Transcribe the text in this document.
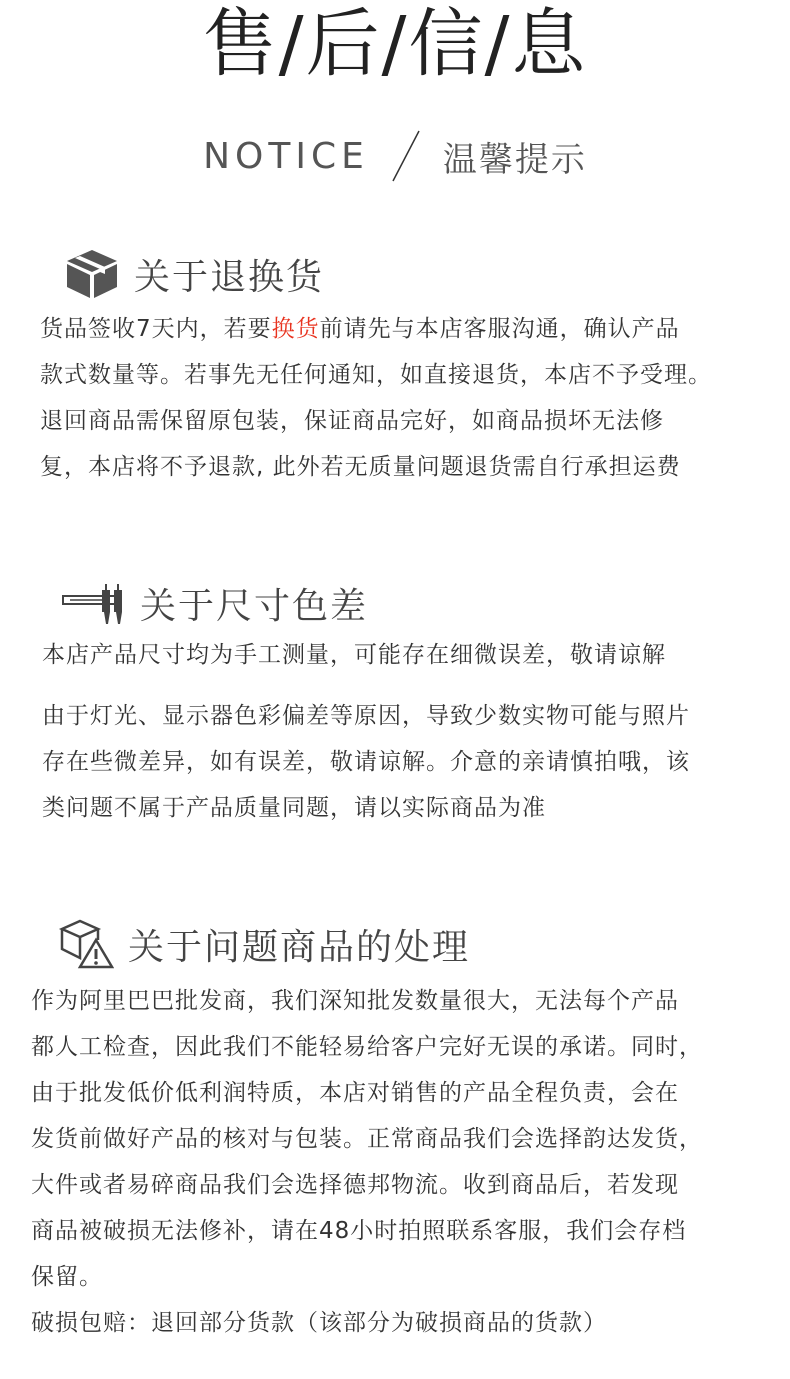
售/后/信/息
NOTICE 温馨提示
关于退换货
货品签收7天内，若要换货前请先与本店客服沟通，确认产品
款式数量等。若事先无任何通知，如直接退货，本店不予受理。
退回商品需保留原包装，保证商品完好，如商品损坏无法修
复，本店将不予退款, 此外若无质量问题退货需自行承担运费
关于尺寸色差
本店产品尺寸均为手工测量，可能存在细微误差，敬请谅解
由于灯光、显示器色彩偏差等原因，导致少数实物可能与照片
存在些微差异，如有误差，敬请谅解。介意的亲请慎拍哦，该
类问题不属于产品质量同题，请以实际商品为准
关于问题商品的处理
作为阿里巴巴批发商，我们深知批发数量很大，无法每个产品
都人工检查，因此我们不能轻易给客户完好无误的承诺。同时，
由于批发低价低利润特质，本店对销售的产品全程负责，会在
发货前做好产品的核对与包装。正常商品我们会选择韵达发货，
大件或者易碎商品我们会选择德邦物流。收到商品后，若发现
商品被破损无法修补，请在48小时拍照联系客服，我们会存档
保留。
破损包赔：退回部分货款（该部分为破损商品的货款）
